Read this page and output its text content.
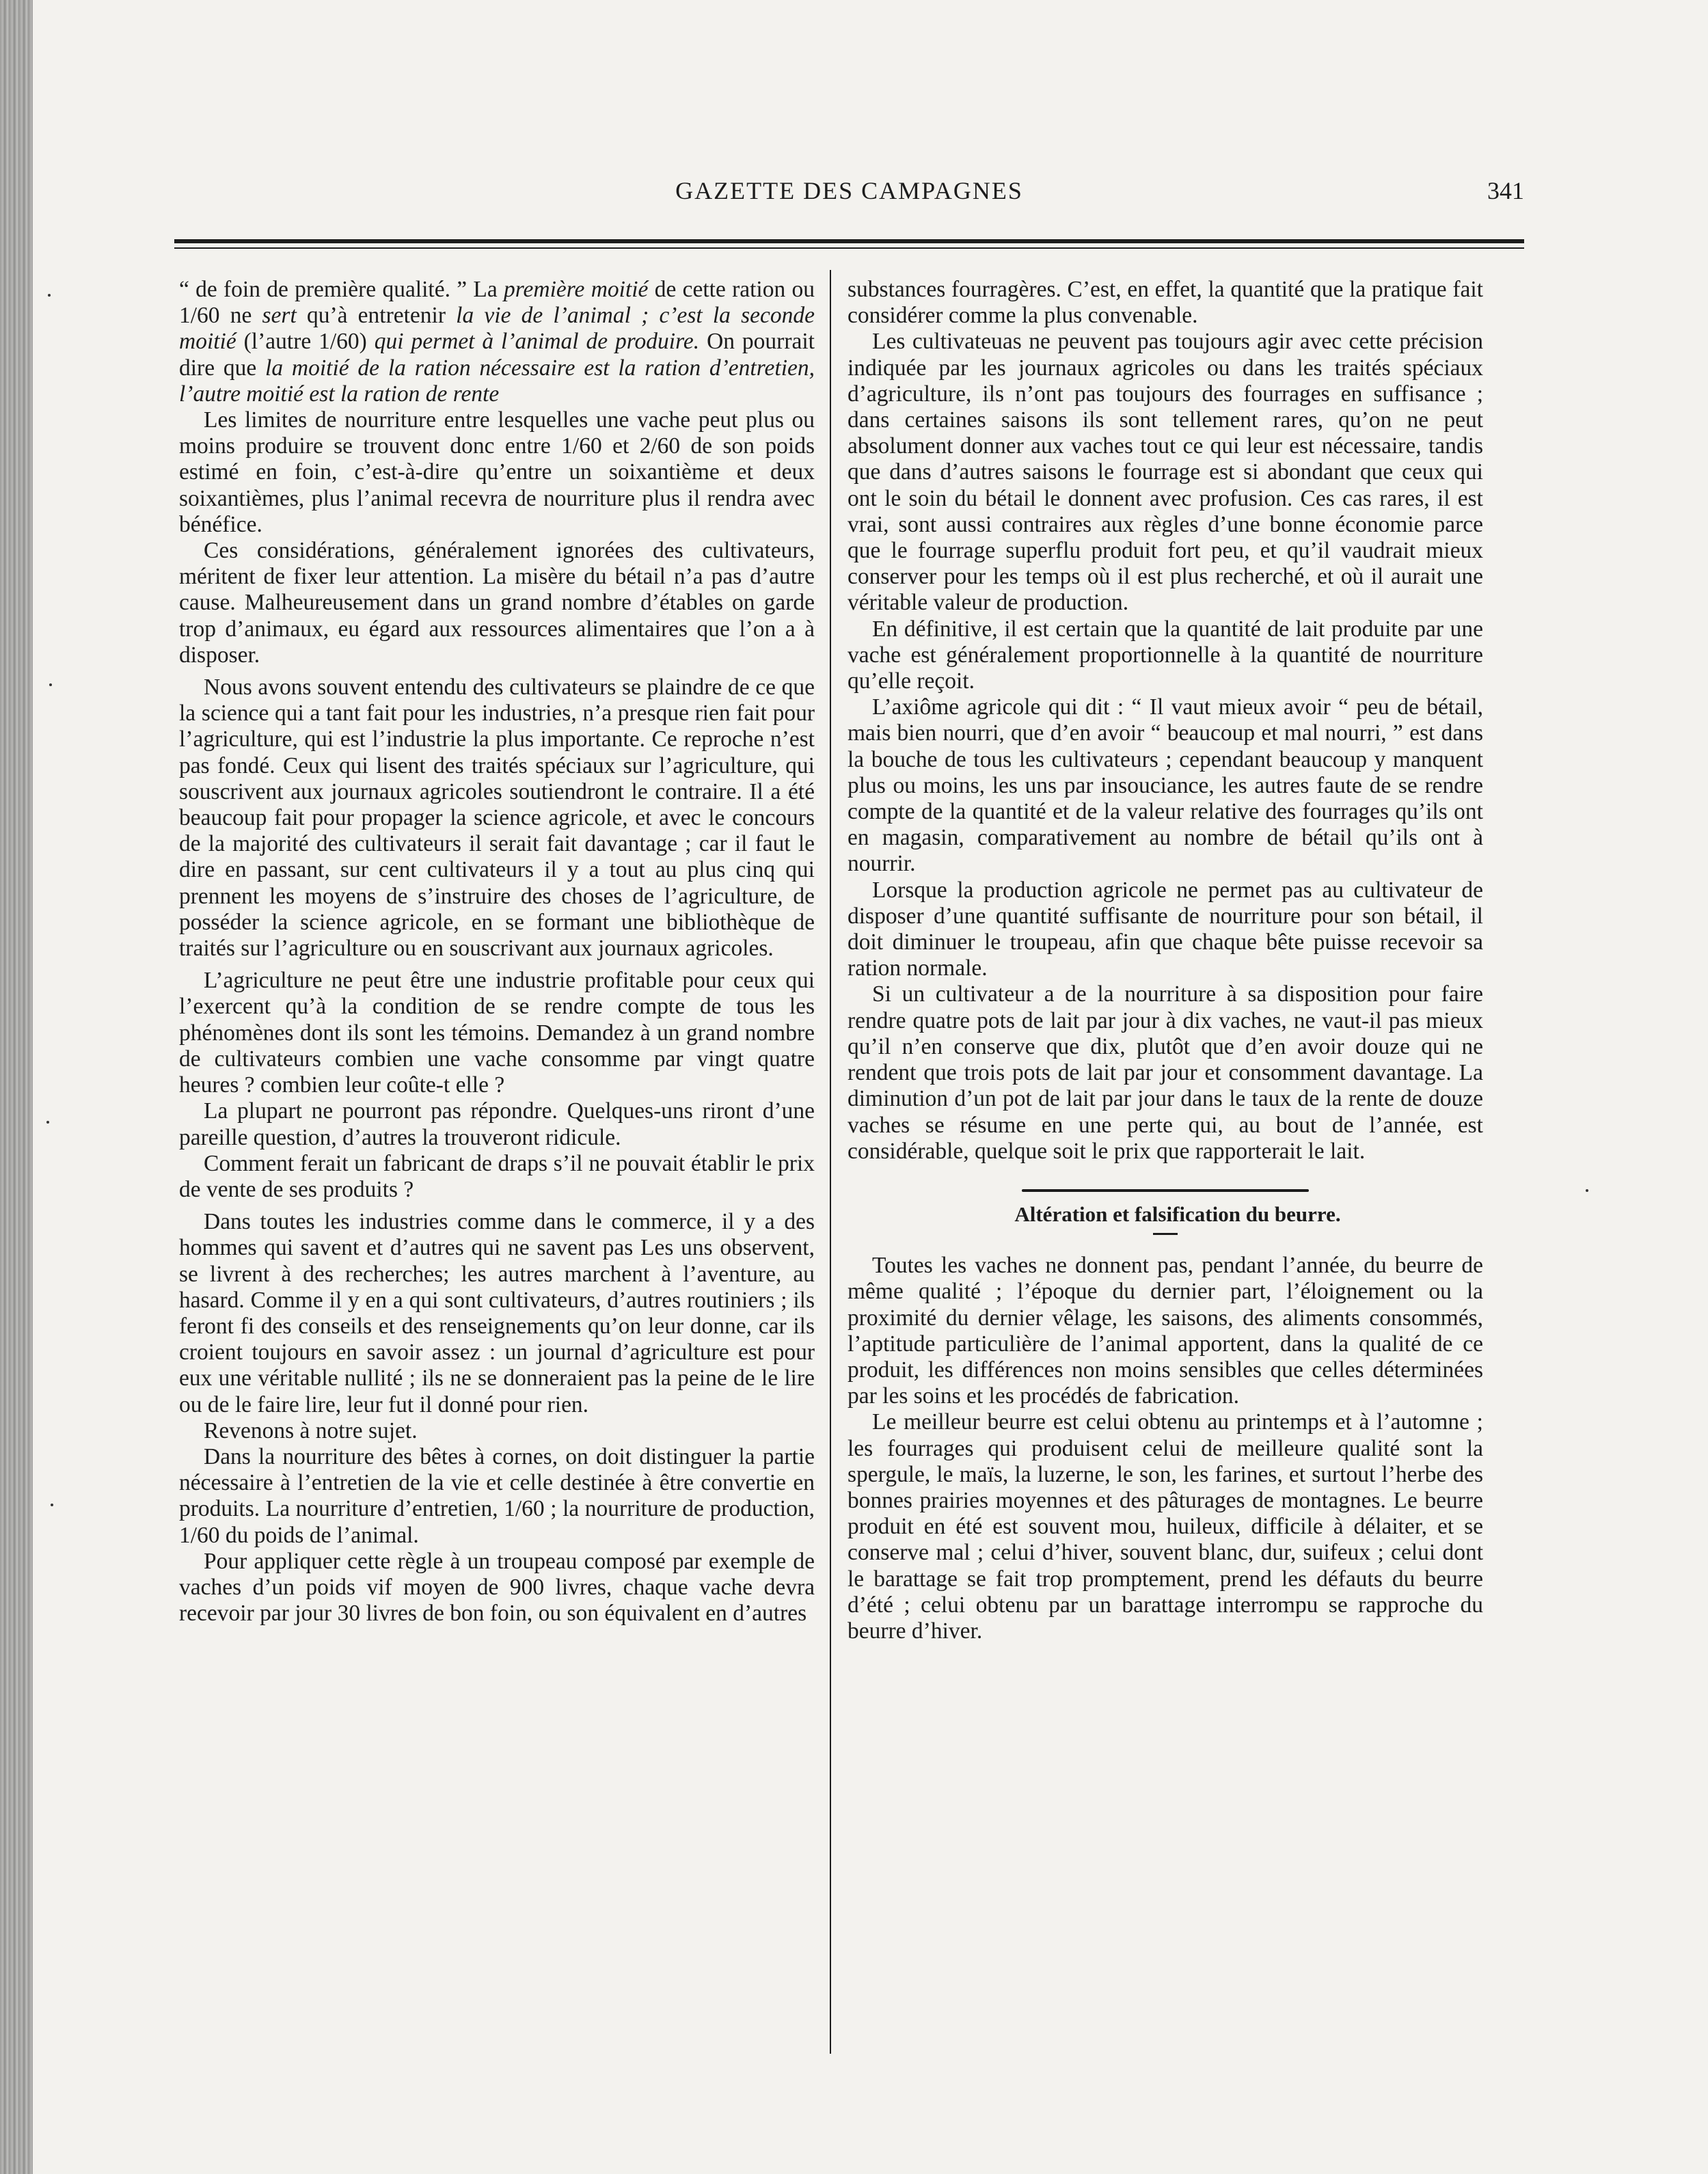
GAZETTE DES CAMPAGNES	341

“ de foin de première qualité. ” La première moitié de cette ration ou 1/60 ne sert qu’à entretenir la vie de l’animal ; c’est la seconde moitié (l’autre 1/60) qui permet à l’animal de produire. On pourrait dire que la moitié de la ration nécessaire est la ration d’entretien, l’autre moitié est la ration de rente

Les limites de nourriture entre lesquelles une vache peut plus ou moins produire se trouvent donc entre 1/60 et 2/60 de son poids estimé en foin, c’est-à-dire qu’entre un soixantième et deux soixantièmes, plus l’animal recevra de nourriture plus il rendra avec bénéfice.

Ces considérations, généralement ignorées des cultivateurs, méritent de fixer leur attention. La misère du bétail n’a pas d’autre cause. Malheureusement dans un grand nombre d’étables on garde trop d’animaux, eu égard aux ressources alimentaires que l’on a à disposer.

Nous avons souvent entendu des cultivateurs se plaindre de ce que la science qui a tant fait pour les industries, n’a presque rien fait pour l’agriculture, qui est l’industrie la plus importante. Ce reproche n’est pas fondé. Ceux qui lisent des traités spéciaux sur l’agriculture, qui souscrivent aux journaux agricoles soutiendront le contraire. Il a été beaucoup fait pour propager la science agricole, et avec le concours de la majorité des cultivateurs il serait fait davantage ; car il faut le dire en passant, sur cent cultivateurs il y a tout au plus cinq qui prennent les moyens de s’instruire des choses de l’agriculture, de posséder la science agricole, en se formant une bibliothèque de traités sur l’agriculture ou en souscrivant aux journaux agricoles.

L’agriculture ne peut être une industrie profitable pour ceux qui l’exercent qu’à la condition de se rendre compte de tous les phénomènes dont ils sont les témoins. Demandez à un grand nombre de cultivateurs combien une vache consomme par vingt quatre heures ? combien leur coûte-t elle ?

La plupart ne pourront pas répondre. Quelques-uns riront d’une pareille question, d’autres la trouveront ridicule.

Comment ferait un fabricant de draps s’il ne pouvait établir le prix de vente de ses produits ?

Dans toutes les industries comme dans le commerce, il y a des hommes qui savent et d’autres qui ne savent pas Les uns observent, se livrent à des recherches; les autres marchent à l’aventure, au hasard. Comme il y en a qui sont cultivateurs, d’autres routiniers ; ils feront fi des conseils et des renseignements qu’on leur donne, car ils croient toujours en savoir assez : un journal d’agriculture est pour eux une véritable nullité ; ils ne se donneraient pas la peine de le lire ou de le faire lire, leur fut il donné pour rien.

Revenons à notre sujet.

Dans la nourriture des bêtes à cornes, on doit distinguer la partie nécessaire à l’entretien de la vie et celle destinée à être convertie en produits. La nourriture d’entretien, 1/60 ; la nourriture de production, 1/60 du poids de l’animal.

Pour appliquer cette règle à un troupeau composé par exemple de vaches d’un poids vif moyen de 900 livres, chaque vache devra recevoir par jour 30 livres de bon foin, ou son équivalent en d’autres

substances fourragères. C’est, en effet, la quantité que la pratique fait considérer comme la plus convenable.

Les cultivateuas ne peuvent pas toujours agir avec cette précision indiquée par les journaux agricoles ou dans les traités spéciaux d’agriculture, ils n’ont pas toujours des fourrages en suffisance ; dans certaines saisons ils sont tellement rares, qu’on ne peut absolument donner aux vaches tout ce qui leur est nécessaire, tandis que dans d’autres saisons le fourrage est si abondant que ceux qui ont le soin du bétail le donnent avec profusion. Ces cas rares, il est vrai, sont aussi contraires aux règles d’une bonne économie parce que le fourrage superflu produit fort peu, et qu’il vaudrait mieux conserver pour les temps où il est plus recherché, et où il aurait une véritable valeur de production.

En définitive, il est certain que la quantité de lait produite par une vache est généralement proportionnelle à la quantité de nourriture qu’elle reçoit.

L’axiôme agricole qui dit : “ Il vaut mieux avoir “ peu de bétail, mais bien nourri, que d’en avoir “ beaucoup et mal nourri, ” est dans la bouche de tous les cultivateurs ; cependant beaucoup y manquent plus ou moins, les uns par insouciance, les autres faute de se rendre compte de la quantité et de la valeur relative des fourrages qu’ils ont en magasin, comparativement au nombre de bétail qu’ils ont à nourrir.

Lorsque la production agricole ne permet pas au cultivateur de disposer d’une quantité suffisante de nourriture pour son bétail, il doit diminuer le troupeau, afin que chaque bête puisse recevoir sa ration normale.

Si un cultivateur a de la nourriture à sa disposition pour faire rendre quatre pots de lait par jour à dix vaches, ne vaut-il pas mieux qu’il n’en conserve que dix, plutôt que d’en avoir douze qui ne rendent que trois pots de lait par jour et consomment davantage. La diminution d’un pot de lait par jour dans le taux de la rente de douze vaches se résume en une perte qui, au bout de l’année, est considérable, quelque soit le prix que rapporterait le lait.

Altération et falsification du beurre.

Toutes les vaches ne donnent pas, pendant l’année, du beurre de même qualité ; l’époque du dernier part, l’éloignement ou la proximité du dernier vêlage, les saisons, des aliments consommés, l’aptitude particulière de l’animal apportent, dans la qualité de ce produit, les différences non moins sensibles que celles déterminées par les soins et les procédés de fabrication.

Le meilleur beurre est celui obtenu au printemps et à l’automne ; les fourrages qui produisent celui de meilleure qualité sont la spergule, le maïs, la luzerne, le son, les farines, et surtout l’herbe des bonnes prairies moyennes et des pâturages de montagnes. Le beurre produit en été est souvent mou, huileux, difficile à délaiter, et se conserve mal ; celui d’hiver, souvent blanc, dur, suifeux ; celui dont le barattage se fait trop promptement, prend les défauts du beurre d’été ; celui obtenu par un barattage interrompu se rapproche du beurre d’hiver.
